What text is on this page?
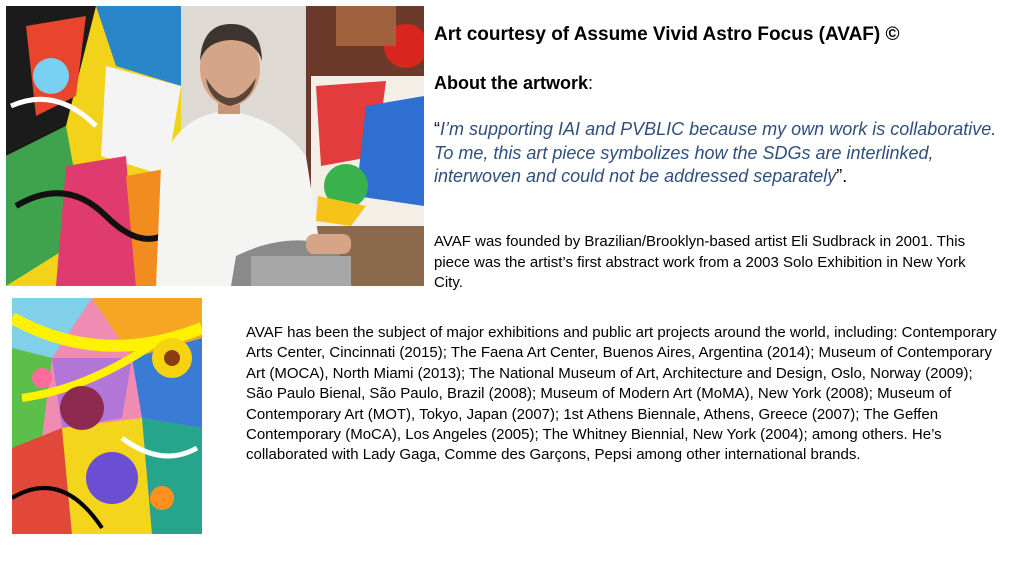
Art courtesy of Assume Vivid Astro Focus (AVAF) ©

About the artwork:

“I’m supporting IAI and PVBLIC because my own work is collaborative. To me, this art piece symbolizes how the SDGs are interlinked, interwoven and could not be addressed separately”.

AVAF was founded by Brazilian/Brooklyn-based artist Eli Sudbrack in 2001. This piece was the artist’s first abstract work from a 2003 Solo Exhibition in New York City.

AVAF has been the subject of major exhibitions and public art projects around the world, including: Contemporary Arts Center, Cincinnati (2015); The Faena Art Center, Buenos Aires, Argentina (2014); Museum of Contemporary Art (MOCA), North Miami (2013); The National Museum of Art, Architecture and Design, Oslo, Norway (2009); São Paulo Bienal, São Paulo, Brazil (2008); Museum of Modern Art (MoMA), New York (2008); Museum of Contemporary Art (MOT), Tokyo, Japan (2007); 1st Athens Biennale, Athens, Greece (2007); The Geffen Contemporary (MoCA), Los Angeles (2005); The Whitney Biennial, New York (2004); among others. He’s collaborated with Lady Gaga, Comme des Garçons, Pepsi among other international brands.
